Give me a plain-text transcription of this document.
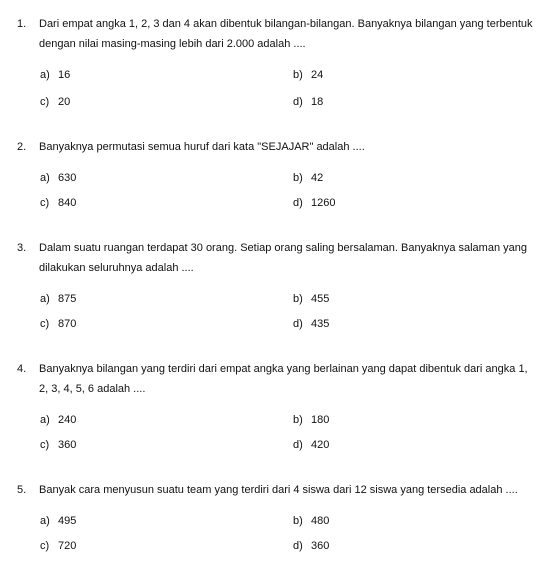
1. Dari empat angka 1, 2, 3 dan 4 akan dibentuk bilangan-bilangan. Banyaknya bilangan yang terbentuk dengan nilai masing-masing lebih dari 2.000 adalah ....
a) 16	b) 24
c) 20	d) 18
2. Banyaknya permutasi semua huruf dari kata "SEJAJAR" adalah ....
a) 630	b) 42
c) 840	d) 1260
3. Dalam suatu ruangan terdapat 30 orang. Setiap orang saling bersalaman. Banyaknya salaman yang dilakukan seluruhnya adalah ....
a) 875	b) 455
c) 870	d) 435
4. Banyaknya bilangan yang terdiri dari empat angka yang berlainan yang dapat dibentuk dari angka 1, 2, 3, 4, 5, 6 adalah ....
a) 240	b) 180
c) 360	d) 420
5. Banyak cara menyusun suatu team yang terdiri dari 4 siswa dari 12 siswa yang tersedia adalah ....
a) 495	b) 480
c) 720	d) 360
